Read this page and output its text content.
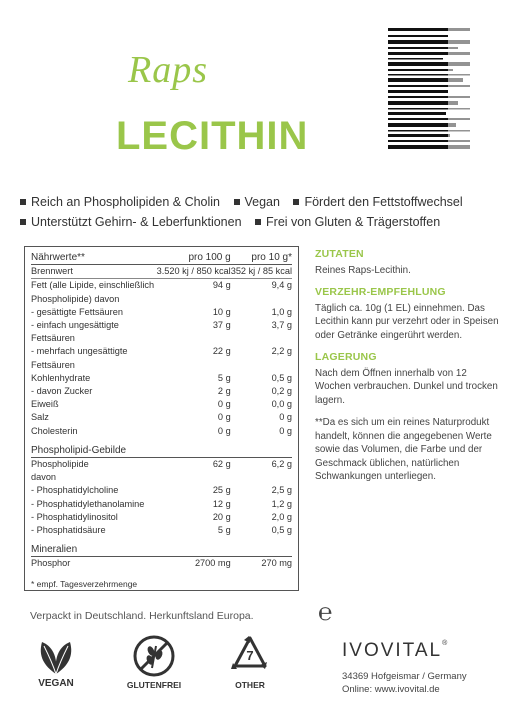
Raps
LECITHIN
Reich an Phospholipiden & Cholin Vegan Fördert den Fettstoffwechsel
Unterstützt Gehirn- & Leberfunktionen Frei von Gluten & Trägerstoffen
Nährwerte**	pro 100 g	pro 10 g*
Brennwert	3.520 kj / 850 kcal	352 kj / 85 kcal
Fett (alle Lipide, einschließlich Phospholipide) davon	94 g	9,4 g
- gesättigte Fettsäuren	10 g	1,0 g
- einfach ungesättigte Fettsäuren	37 g	3,7 g
- mehrfach ungesättigte Fettsäuren	22 g	2,2 g
Kohlenhydrate	5 g	0,5 g
- davon Zucker	2 g	0,2 g
Eiweiß	0 g	0,0 g
Salz	0 g	0 g
Cholesterin	0 g	0 g
Phospholipid-Gebilde		
Phospholipide	62 g	6,2 g
davon		
- Phosphatidylcholine	25 g	2,5 g
- Phosphatidylethanolamine	12 g	1,2 g
- Phosphatidylinositol	20 g	2,0 g
- Phosphatidsäure	5 g	0,5 g
Mineralien		
Phosphor	2700 mg	270 mg
* empf. Tagesverzehrmenge
ZUTATEN

Reines Raps-Lecithin.

VERZEHR-EMPFEHLUNG

Täglich ca. 10g (1 EL) einnehmen. Das Lecithin kann pur verzehrt oder in Speisen oder Getränke eingerührt werden.

LAGERUNG

Nach dem Öffnen innerhalb von 12 Wochen verbrauchen. Dunkel und trocken lagern.

**Da es sich um ein reines Naturprodukt handelt, können die angegebenen Werte sowie das Volumen, die Farbe und der Geschmack üblichen, natürlichen Schwankungen unterliegen.

Verpackt in Deutschland. Herkunftsland Europa.	℮
VEGAN	GLUTENFREI
7
OTHER
IVOVITAL®
34369 Hofgeismar / Germany
Online: www.ivovital.de
